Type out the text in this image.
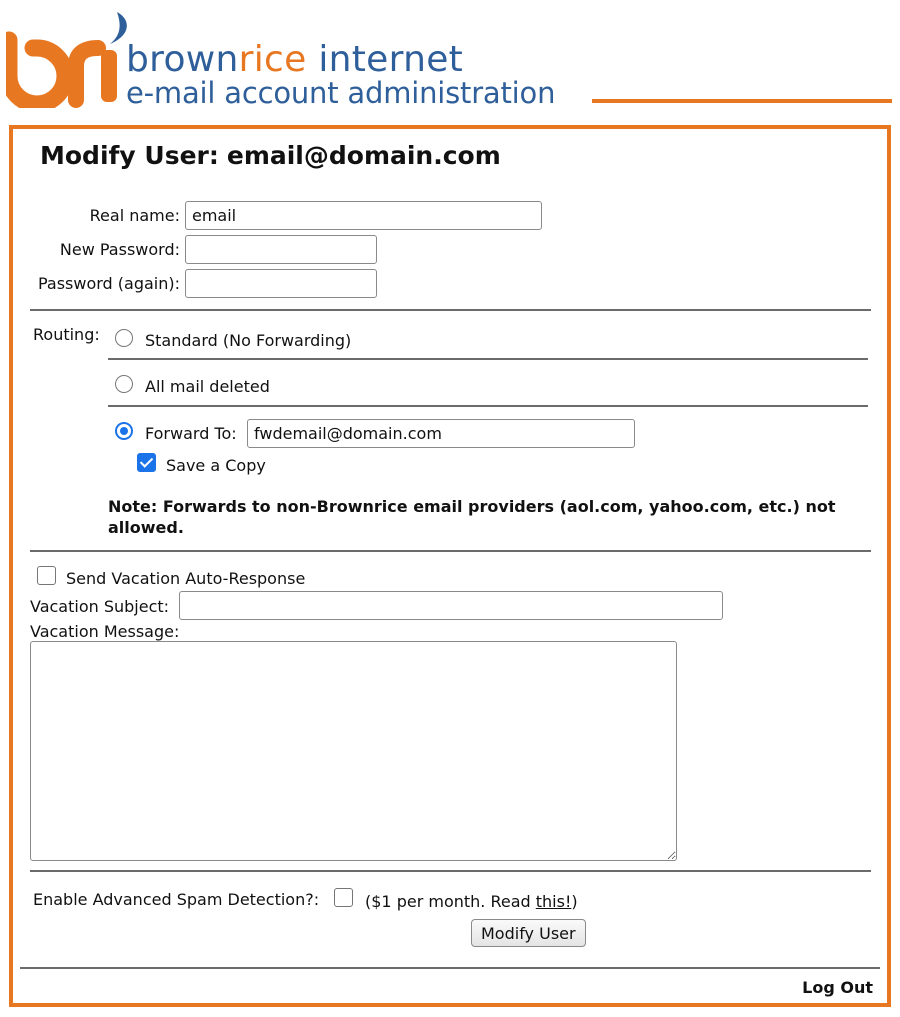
brownrice internet
e-mail account administration
Modify User: email@domain.com
Real name:
email
New Password:
Password (again):
Routing:	Standard (No Forwarding)
All mail deleted
Forward To:
fwdemail@domain.com
Save a Copy
Note: Forwards to non-Brownrice email providers (aol.com, yahoo.com, etc.) not allowed.
Send Vacation Auto-Response
Vacation Subject:
Vacation Message:
Enable Advanced Spam Detection?:	($1 per month. Read this!)
Modify User
Log Out
